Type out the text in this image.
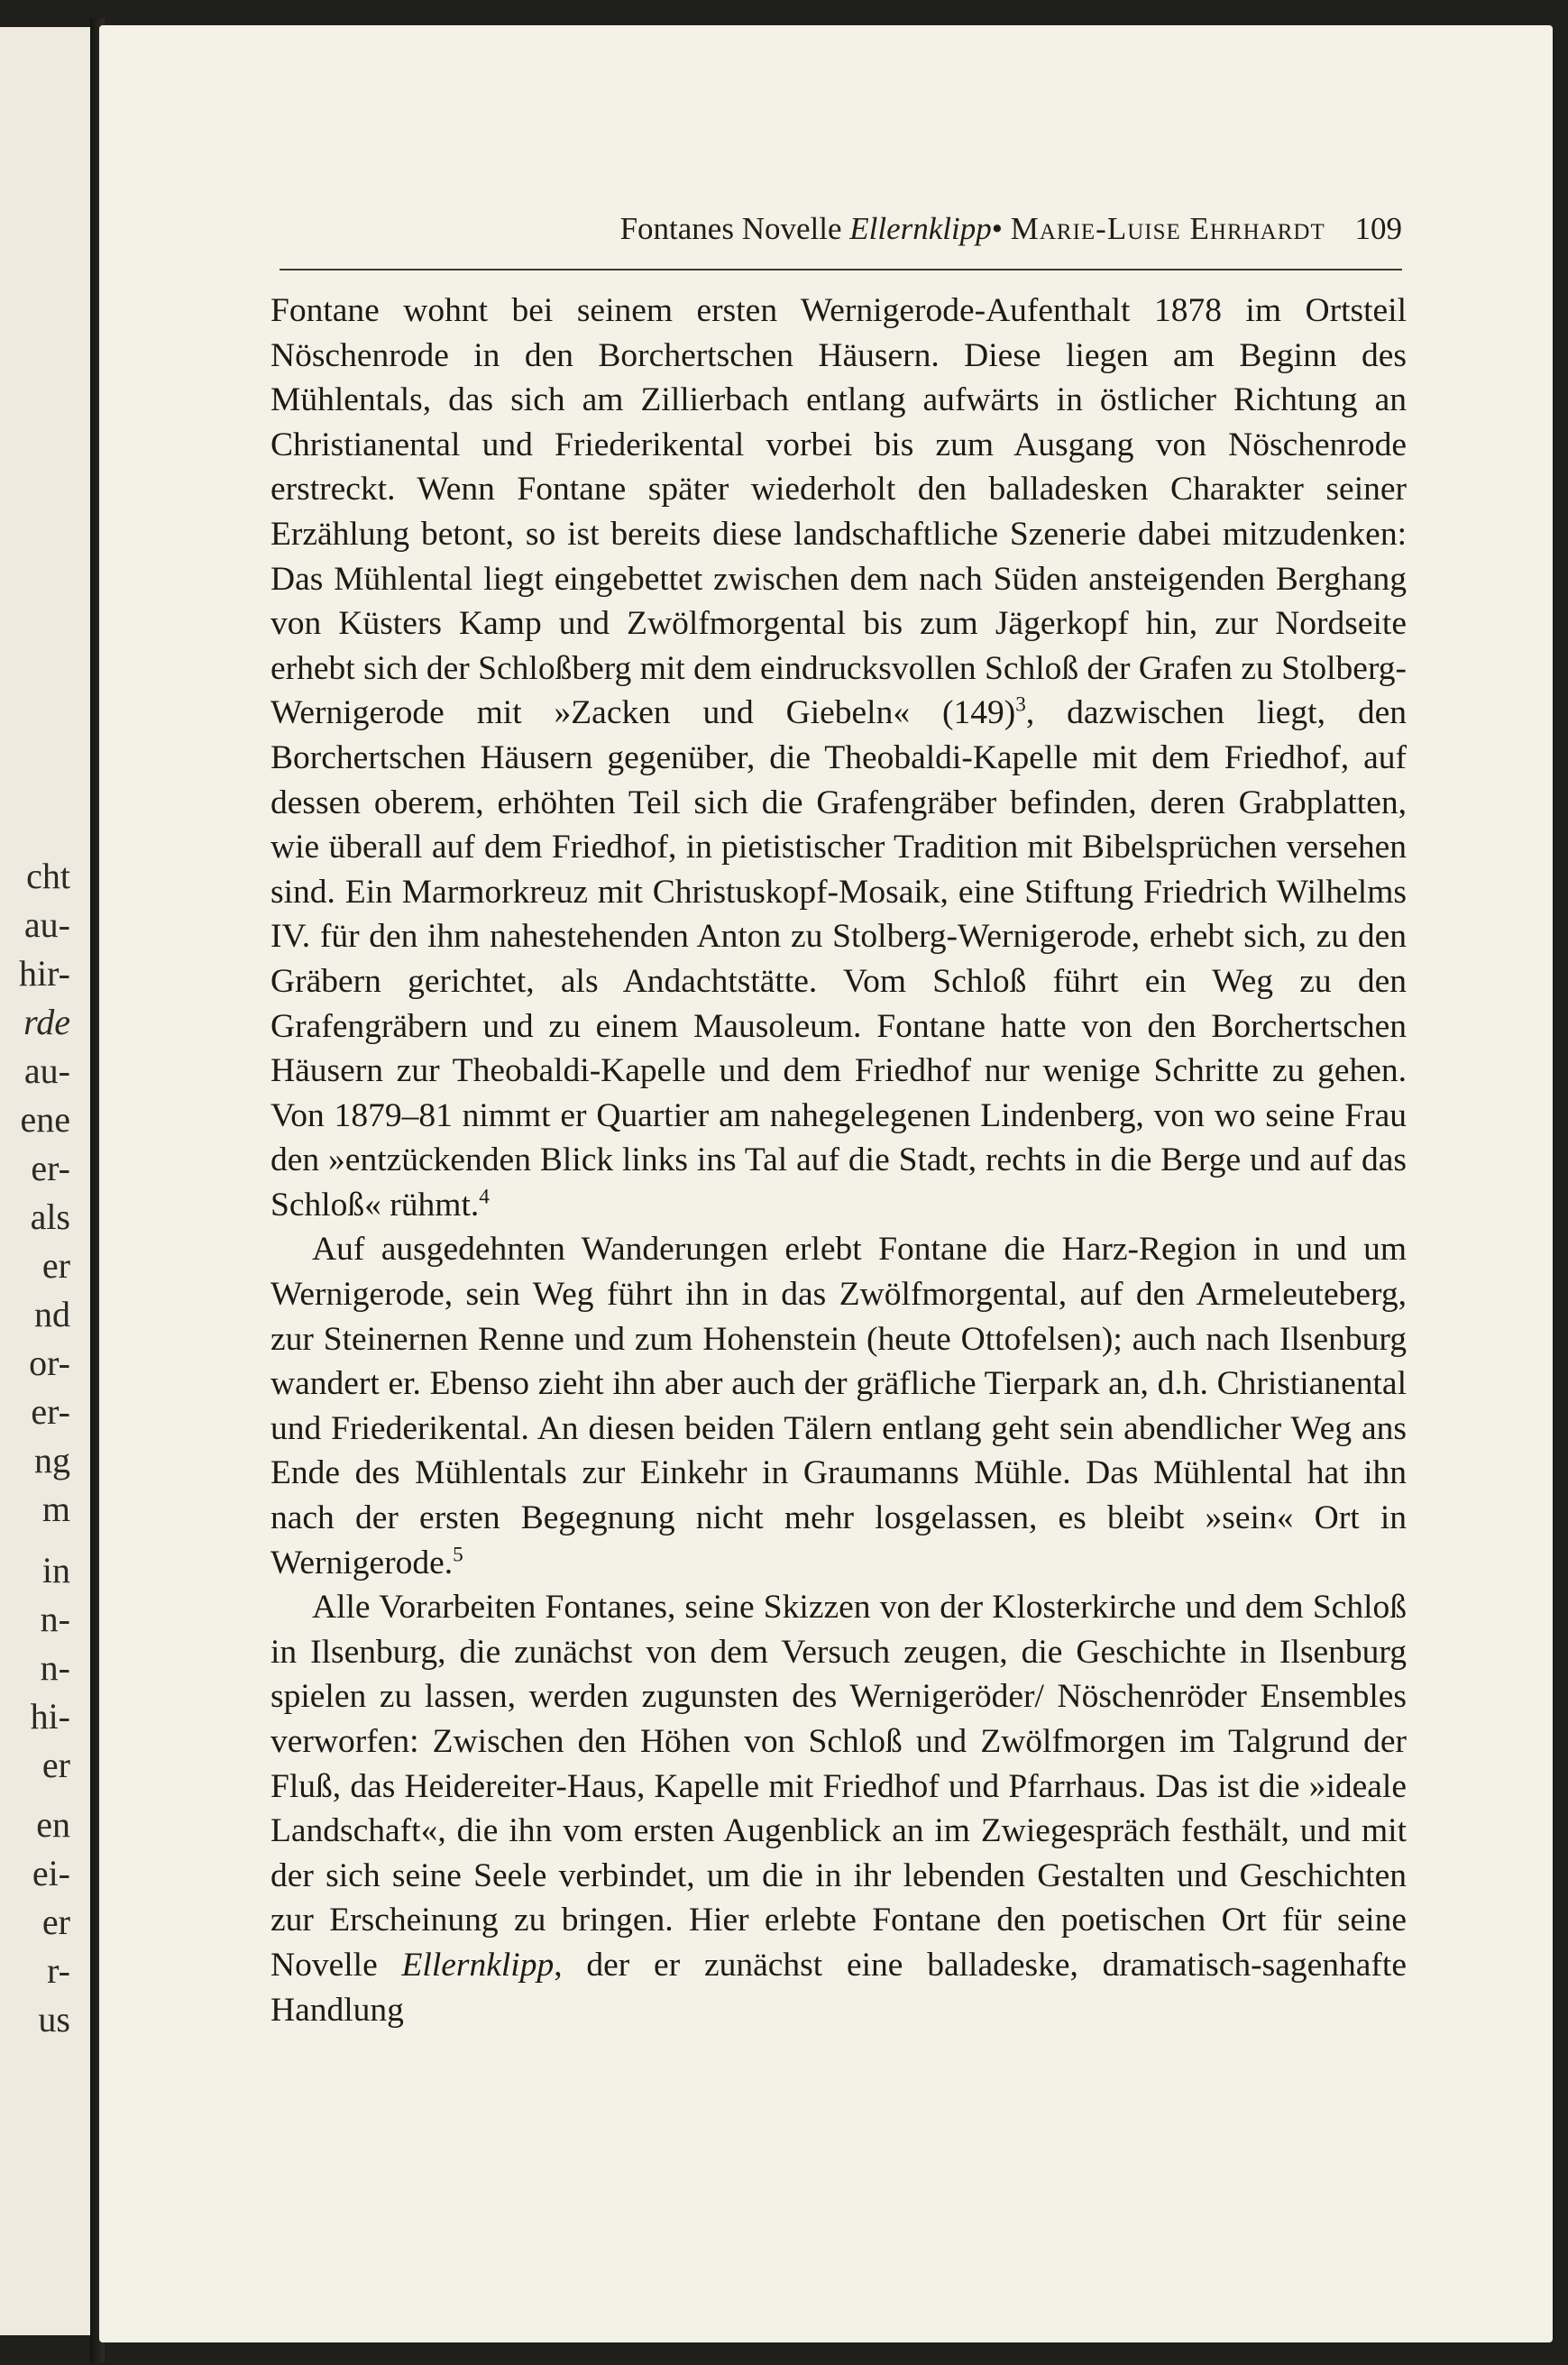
cht
au-
hir-
rde
au-
ene
er-
als
er
nd
or-
er-
ng
m
in
n-
n-
hi-
er
en
ei-
er
r-
us
Fontanes Novelle Ellernklipp• Marie-Luise Ehrhardt 109

Fontane wohnt bei seinem ersten Wernigerode-Aufenthalt 1878 im Ortsteil Nöschenrode in den Borchertschen Häusern. Diese liegen am Beginn des Mühlentals, das sich am Zillierbach entlang aufwärts in östlicher Richtung an Christianental und Friederikental vorbei bis zum Ausgang von Nöschenrode erstreckt. Wenn Fontane später wiederholt den balladesken Charakter seiner Erzählung betont, so ist bereits diese landschaftliche Szenerie dabei mitzudenken: Das Mühlental liegt eingebettet zwischen dem nach Süden ansteigenden Berghang von Küsters Kamp und Zwölfmorgental bis zum Jägerkopf hin, zur Nordseite erhebt sich der Schloßberg mit dem eindrucksvollen Schloß der Grafen zu Stolberg-Wernigerode mit »Zacken und Giebeln« $(149)^3$, dazwischen liegt, den Borchertschen Häusern gegenüber, die Theobaldi-Kapelle mit dem Friedhof, auf dessen oberem, erhöhten Teil sich die Grafengräber befinden, deren Grabplatten, wie überall auf dem Friedhof, in pietistischer Tradition mit Bibelsprüchen versehen sind. Ein Marmorkreuz mit Christuskopf-Mosaik, eine Stiftung Friedrich Wilhelms IV. für den ihm nahestehenden Anton zu Stolberg-Wernigerode, erhebt sich, zu den Gräbern gerichtet, als Andachtstätte. Vom Schloß führt ein Weg zu den Grafengräbern und zu einem Mausoleum. Fontane hatte von den Borchertschen Häusern zur Theobaldi-Kapelle und dem Friedhof nur wenige Schritte zu gehen. Von 1879–81 nimmt er Quartier am nahegelegenen Lindenberg, von wo seine Frau den »entzückenden Blick links ins Tal auf die Stadt, rechts in die Berge und auf das Schloß« rühmt.$^4$

Auf ausgedehnten Wanderungen erlebt Fontane die Harz-Region in und um Wernigerode, sein Weg führt ihn in das Zwölfmorgental, auf den Armeleuteberg, zur Steinernen Renne und zum Hohenstein (heute Ottofelsen); auch nach Ilsenburg wandert er. Ebenso zieht ihn aber auch der gräfliche Tierpark an, d.h. Christianental und Friederikental. An diesen beiden Tälern entlang geht sein abendlicher Weg ans Ende des Mühlentals zur Einkehr in Graumanns Mühle. Das Mühlental hat ihn nach der ersten Begegnung nicht mehr losgelassen, es bleibt »sein« Ort in Wernigerode.$^5$

Alle Vorarbeiten Fontanes, seine Skizzen von der Klosterkirche und dem Schloß in Ilsenburg, die zunächst von dem Versuch zeugen, die Geschichte in Ilsenburg spielen zu lassen, werden zugunsten des Wernigeröder/ Nöschenröder Ensembles verworfen: Zwischen den Höhen von Schloß und Zwölfmorgen im Talgrund der Fluß, das Heidereiter-Haus, Kapelle mit Friedhof und Pfarrhaus. Das ist die »ideale Landschaft«, die ihn vom ersten Augenblick an im Zwiegespräch festhält, und mit der sich seine Seele verbindet, um die in ihr lebenden Gestalten und Geschichten zur Erscheinung zu bringen. Hier erlebte Fontane den poetischen Ort für seine Novelle Ellernklipp, der er zunächst eine balladeske, dramatisch-sagenhafte Handlung
